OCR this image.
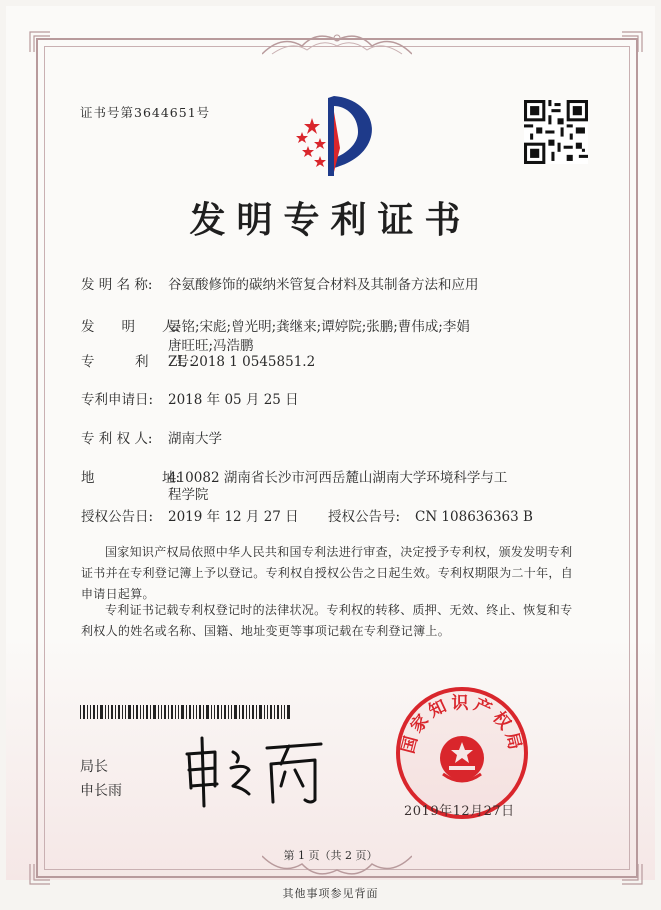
证书号第3644651号
发明专利证书
发 明 名 称: 谷氨酸修饰的碳纳米管复合材料及其制备方法和应用
发　　明　　人:
晏铭;宋彪;曾光明;龚继来;谭婷院;张鹏;曹伟成;李娟
唐旺旺;冯浩鹏
专　　　利　　号:
ZL 2018 1 0545851.2
专利申请日: 2018 年 05 月 25 日
专 利 权 人: 湖南大学
地　　　　　址:
410082 湖南省长沙市河西岳麓山湖南大学环境科学与工
程学院
授权公告日: 2019 年 12 月 27 日 授权公告号: CN 108636363 B
国家知识产权局依照中华人民共和国专利法进行审查，决定授予专利权，颁发发明专利证书并在专利登记簿上予以登记。专利权自授权公告之日起生效。专利权期限为二十年，自申请日起算。
专利证书记载专利权登记时的法律状况。专利权的转移、质押、无效、终止、恢复和专利权人的姓名或名称、国籍、地址变更等事项记载在专利登记簿上。
局长
申长雨
国家知识产权局
2019年12月27日
第 1 页（共 2 页）
其他事项参见背面
